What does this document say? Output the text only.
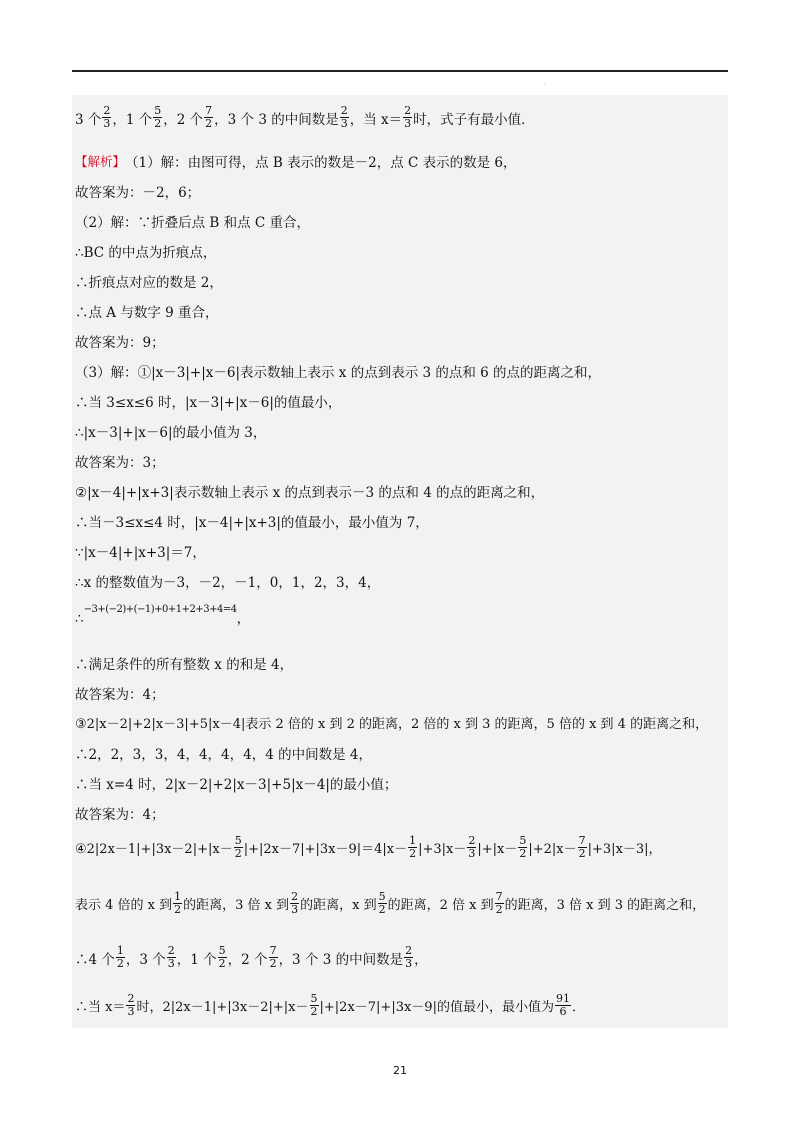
.
3 个 $\frac{2}{3}$ ，1 个 $\frac{5}{2}$ ，2 个 $\frac{7}{2}$ ，3 个 3 的中间数是 $\frac{2}{3}$ ，当 $x= \frac{2}{3}$ 时，式子有最小值．
【解析】 （1）解：由图可得，点 B 表示的数是－2，点 C 表示的数是 6，
故答案为：－2，6；
（2）解：∵折叠后点 B 和点 C 重合，
∴BC 的中点为折痕点，
∴折痕点对应的数是 2，
∴点 A 与数字 9 重合，
故答案为：9；
（3）解：①|x－3|+|x－6|表示数轴上表示 x 的点到表示 3 的点和 6 的点的距离之和，
∴当 3≤x≤6 时，|x－3|+|x－6|的值最小，
∴|x－3|+|x－6|的最小值为 3，
故答案为：3；
②|x－4|+|x+3|表示数轴上表示 x 的点到表示－3 的点和 4 的点的距离之和，
∴当－3≤x≤4 时，|x－4|+|x+3|的值最小，最小值为 7，
∵|x－4|+|x+3|＝7，
∴x 的整数值为－3，－2，－1，0，1，2，3，4，
∴
−3+(−2)+(−1)+0+1+2+3+4=4
，
∴满足条件的所有整数 x 的和是 4，
故答案为：4；
③2|x－2|+2|x－3|+5|x－4|表示 2 倍的 x 到 2 的距离，2 倍的 x 到 3 的距离，5 倍的 x 到 4 的距离之和，
∴2，2，3，3，4，4，4，4，4 的中间数是 4，
∴当 x=4 时，2|x－2|+2|x－3|+5|x－4|的最小值；
故答案为：4；
④2|2x－1|+|3x－2|+|x－ $\frac{5}{2} |+|2x-7|+|3x-9|=4|x- \frac{1}{2} |+3|x- \frac{2}{3} |+|x- \frac{5}{2} |+2|x- \frac{7}{2} |+3|x-3|$，
表示 4 倍的 x 到 $\frac{1}{2}$ 的距离，3 倍 x 到 $\frac{2}{3}$ 的距离，x 到 $\frac{5}{2}$ 的距离，2 倍 x 到 $\frac{7}{2}$ 的距离，3 倍 x 到 3 的距离之和，
∴4 个 $\frac{1}{2}$ ，3 个 $\frac{2}{3}$ ，1 个 $\frac{5}{2}$ ，2 个 $\frac{7}{2}$ ，3 个 3 的中间数是 $\frac{2}{3}$ ，
∴当 $x= \frac{2}{3}$ 时，$2|2x-1|+|3x-2|+|x- \frac{5}{2} |+|2x-7|+|3x-9|$的值最小，最小值为 $\frac{91}{6}$ ．
21
